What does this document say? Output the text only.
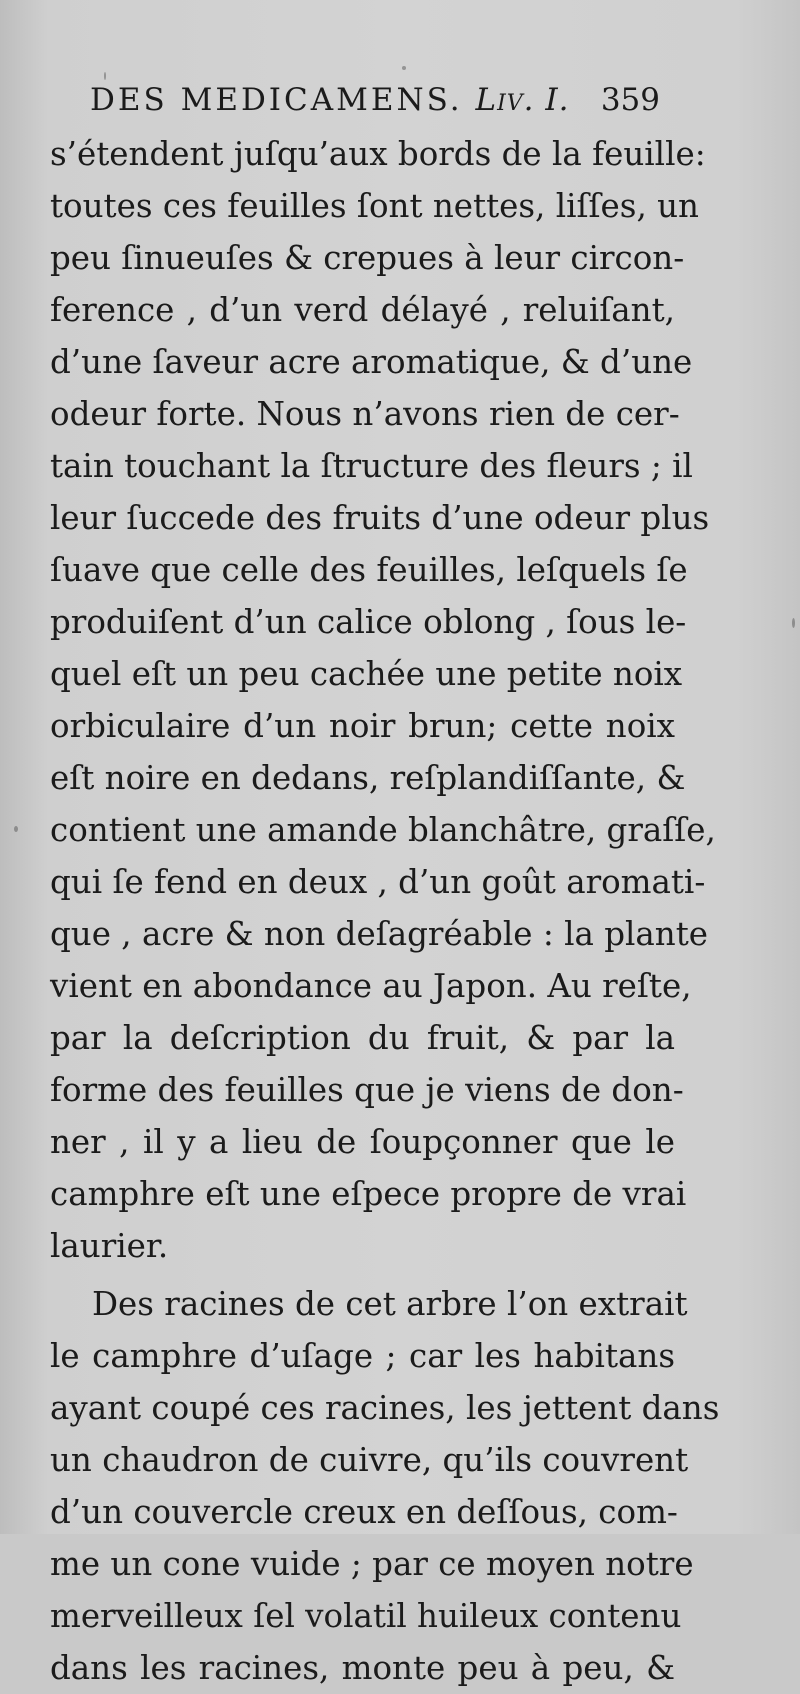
DES MEDICAMENS. Liv. I. 359
s’étendent juſqu’aux bords de la feuille:
toutes ces feuilles ſont nettes, liſſes, un
peu ſinueuſes & crepues à leur circon-
ference , d’un verd délayé , reluiſant,
d’une ſaveur acre aromatique, & d’une
odeur forte. Nous n’avons rien de cer-
tain touchant la ſtructure des fleurs ; il
leur ſuccede des fruits d’une odeur plus
ſuave que celle des feuilles, leſquels ſe
produiſent d’un calice oblong , ſous le-
quel eſt un peu cachée une petite noix
orbiculaire d’un noir brun; cette noix
eſt noire en dedans, reſplandiſſante, &
contient une amande blanchâtre, graſſe,
qui ſe fend en deux , d’un goût aromati-
que , acre & non deſagréable : la plante
vient en abondance au Japon. Au reſte,
par la deſcription du fruit, & par la
forme des feuilles que je viens de don-
ner , il y a lieu de ſoupçonner que le
camphre eſt une eſpece propre de vrai
laurier.
Des racines de cet arbre l’on extrait
le camphre d’uſage ; car les habitans
ayant coupé ces racines, les jettent dans
un chaudron de cuivre, qu’ils couvrent
d’un couvercle creux en deſſous, com-
me un cone vuide ; par ce moyen notre
merveilleux ſel volatil huileux contenu
dans les racines, monte peu à peu, &
